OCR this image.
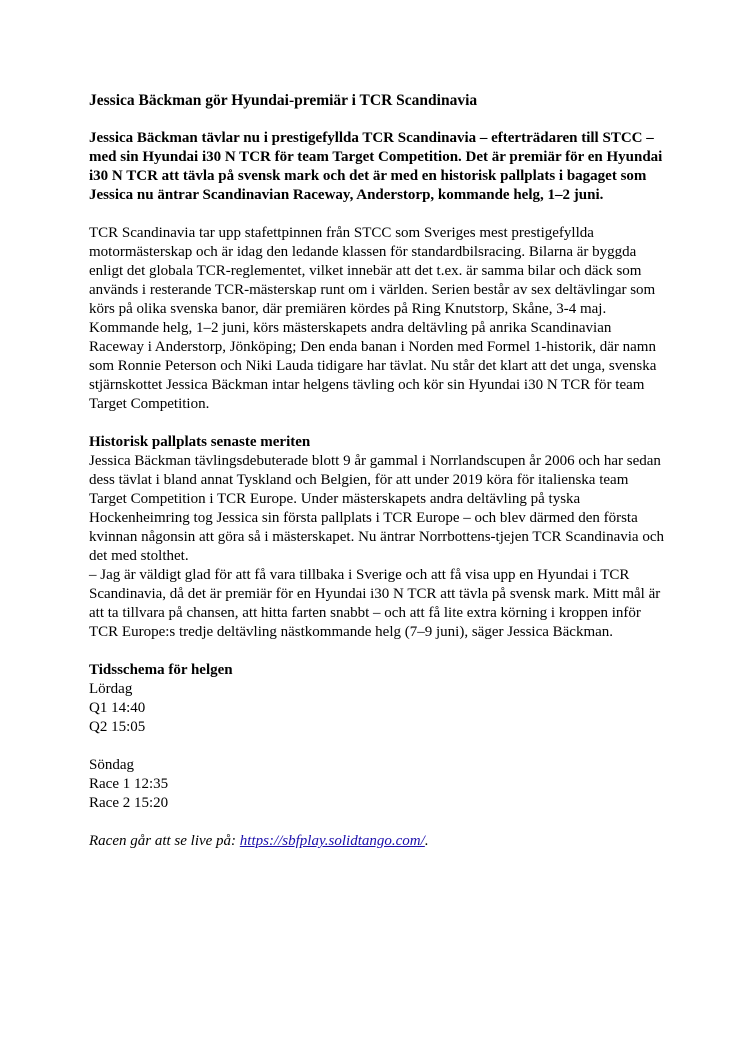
Jessica Bäckman gör Hyundai-premiär i TCR Scandinavia

Jessica Bäckman tävlar nu i prestigefyllda TCR Scandinavia – efterträdaren till STCC – med sin Hyundai i30 N TCR för team Target Competition. Det är premiär för en Hyundai i30 N TCR att tävla på svensk mark och det är med en historisk pallplats i bagaget som Jessica nu äntrar Scandinavian Raceway, Anderstorp, kommande helg, 1–2 juni.

TCR Scandinavia tar upp stafettpinnen från STCC som Sveriges mest prestigefyllda motormästerskap och är idag den ledande klassen för standardbilsracing. Bilarna är byggda enligt det globala TCR-reglementet, vilket innebär att det t.ex. är samma bilar och däck som används i resterande TCR-mästerskap runt om i världen. Serien består av sex deltävlingar som körs på olika svenska banor, där premiären kördes på Ring Knutstorp, Skåne, 3-4 maj. Kommande helg, 1–2 juni, körs mästerskapets andra deltävling på anrika Scandinavian Raceway i Anderstorp, Jönköping; Den enda banan i Norden med Formel 1-historik, där namn som Ronnie Peterson och Niki Lauda tidigare har tävlat. Nu står det klart att det unga, svenska stjärnskottet Jessica Bäckman intar helgens tävling och kör sin Hyundai i30 N TCR för team Target Competition.

Historisk pallplats senaste meriten

Jessica Bäckman tävlingsdebuterade blott 9 år gammal i Norrlandscupen år 2006 och har sedan dess tävlat i bland annat Tyskland och Belgien, för att under 2019 köra för italienska team Target Competition i TCR Europe. Under mästerskapets andra deltävling på tyska Hockenheimring tog Jessica sin första pallplats i TCR Europe – och blev därmed den första kvinnan någonsin att göra så i mästerskapet. Nu äntrar Norrbottens-tjejen TCR Scandinavia och det med stolthet.

– Jag är väldigt glad för att få vara tillbaka i Sverige och att få visa upp en Hyundai i TCR Scandinavia, då det är premiär för en Hyundai i30 N TCR att tävla på svensk mark. Mitt mål är att ta tillvara på chansen, att hitta farten snabbt – och att få lite extra körning i kroppen inför TCR Europe:s tredje deltävling nästkommande helg (7–9 juni), säger Jessica Bäckman.

Tidsschema för helgen
Lördag
Q1 14:40
Q2 15:05
Söndag
Race 1 12:35
Race 2 15:20

Racen går att se live på: https://sbfplay.solidtango.com/.
